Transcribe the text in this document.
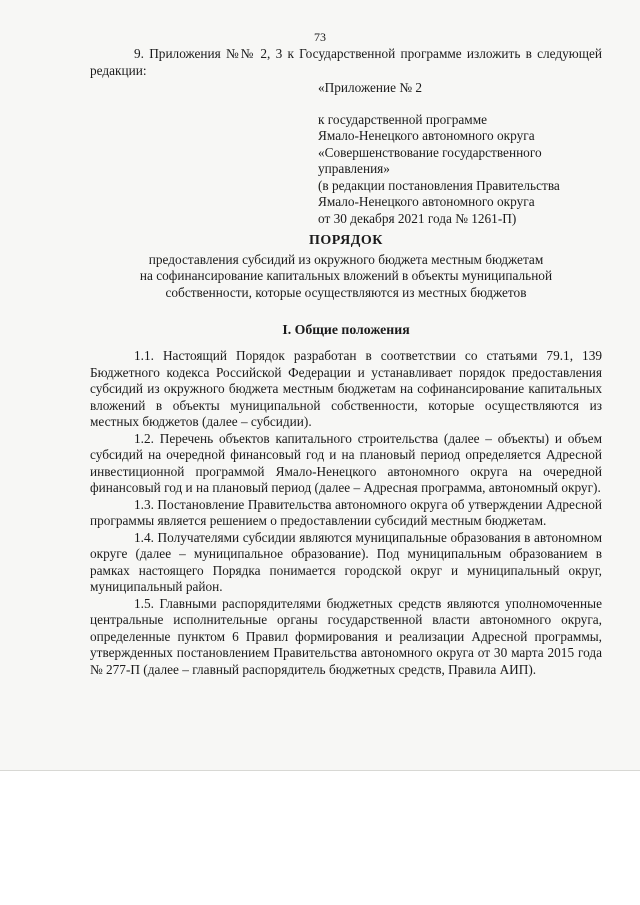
73
9. Приложения №№ 2, 3 к Государственной программе изложить в следующей редакции:
«Приложение № 2
к государственной программе
Ямало-Ненецкого автономного округа
«Совершенствование государственного
управления»
(в редакции постановления Правительства
Ямало-Ненецкого автономного округа
от 30 декабря 2021 года № 1261-П)
ПОРЯДОК
предоставления субсидий из окружного бюджета местным бюджетам
на софинансирование капитальных вложений в объекты муниципальной
собственности, которые осуществляются из местных бюджетов
I. Общие положения

1.1. Настоящий Порядок разработан в соответствии со статьями 79.1, 139 Бюджетного кодекса Российской Федерации и устанавливает порядок предоставления субсидий из окружного бюджета местным бюджетам на софинансирование капитальных вложений в объекты муниципальной собственности, которые осуществляются из местных бюджетов (далее – субсидии).

1.2. Перечень объектов капитального строительства (далее – объекты) и объем субсидий на очередной финансовый год и на плановый период определяется Адресной инвестиционной программой Ямало-Ненецкого автономного округа на очередной финансовый год и на плановый период (далее – Адресная программа, автономный округ).

1.3. Постановление Правительства автономного округа об утверждении Адресной программы является решением о предоставлении субсидий местным бюджетам.

1.4. Получателями субсидии являются муниципальные образования в автономном округе (далее – муниципальное образование). Под муниципальным образованием в рамках настоящего Порядка понимается городской округ и муниципальный округ, муниципальный район.

1.5. Главными распорядителями бюджетных средств являются уполномоченные центральные исполнительные органы государственной власти автономного округа, определенные пунктом 6 Правил формирования и реализации Адресной программы, утвержденных постановлением Правительства автономного округа от 30 марта 2015 года № 277-П (далее – главный распорядитель бюджетных средств, Правила АИП).
